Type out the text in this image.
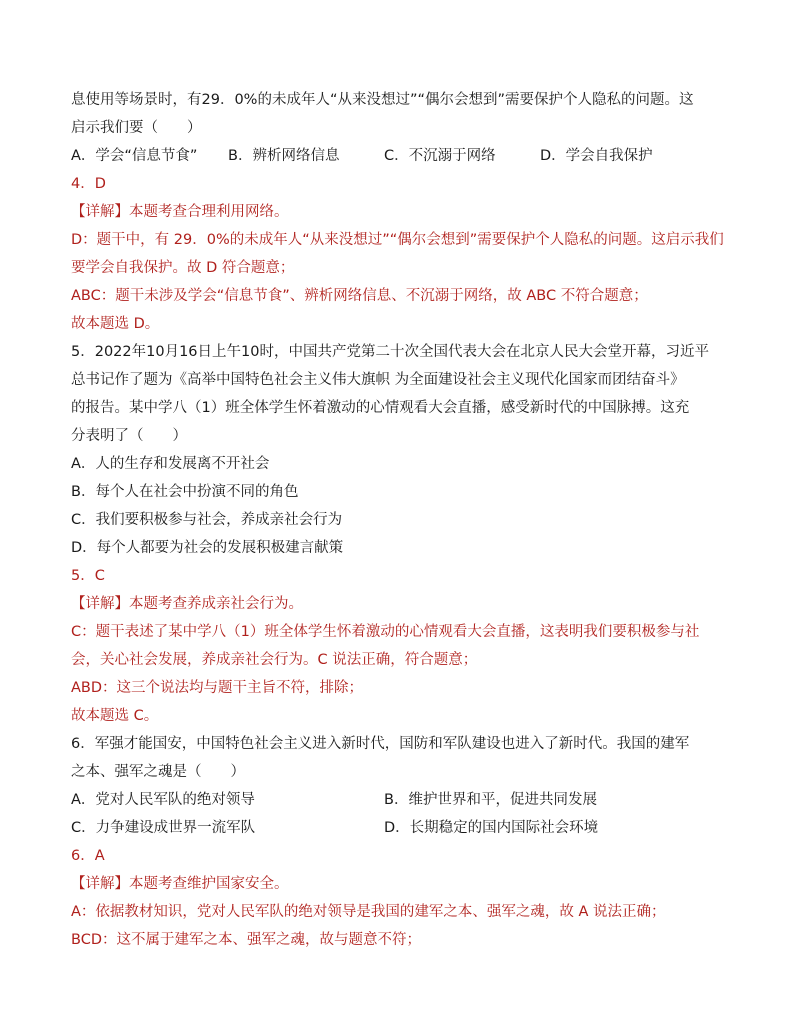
息使用等场景时，有29．0%的未成年人“从来没想过”“偶尔会想到”需要保护个人隐私的问题。这
启示我们要（　　）
A．学会“信息节食” B．辨析网络信息	C．不沉溺于网络	D．学会自我保护
4．D
【详解】本题考查合理利用网络。
D：题干中，有 29．0%的未成年人“从来没想过”“偶尔会想到”需要保护个人隐私的问题。这启示我们
要学会自我保护。故 D 符合题意；
ABC：题干未涉及学会“信息节食”、辨析网络信息、不沉溺于网络，故 ABC 不符合题意；
故本题选 D。
5．2022年10月16日上午10时，中国共产党第二十次全国代表大会在北京人民大会堂开幕，习近平
总书记作了题为《高举中国特色社会主义伟大旗帜 为全面建设社会主义现代化国家而团结奋斗》
的报告。某中学八（1）班全体学生怀着激动的心情观看大会直播，感受新时代的中国脉搏。这充
分表明了（　　）
A．人的生存和发展离不开社会
B．每个人在社会中扮演不同的角色
C．我们要积极参与社会，养成亲社会行为
D．每个人都要为社会的发展积极建言献策
5．C
【详解】本题考查养成亲社会行为。
C：题干表述了某中学八（1）班全体学生怀着激动的心情观看大会直播，这表明我们要积极参与社
会，关心社会发展，养成亲社会行为。C 说法正确，符合题意；
ABD：这三个说法均与题干主旨不符，排除；
故本题选 C。
6．军强才能国安，中国特色社会主义进入新时代，国防和军队建设也进入了新时代。我国的建军
之本、强军之魂是（　　）
A．党对人民军队的绝对领导	B．维护世界和平，促进共同发展
C．力争建设成世界一流军队	D．长期稳定的国内国际社会环境
6．A
【详解】本题考查维护国家安全。
A：依据教材知识，党对人民军队的绝对领导是我国的建军之本、强军之魂，故 A 说法正确；
BCD：这不属于建军之本、强军之魂，故与题意不符；
